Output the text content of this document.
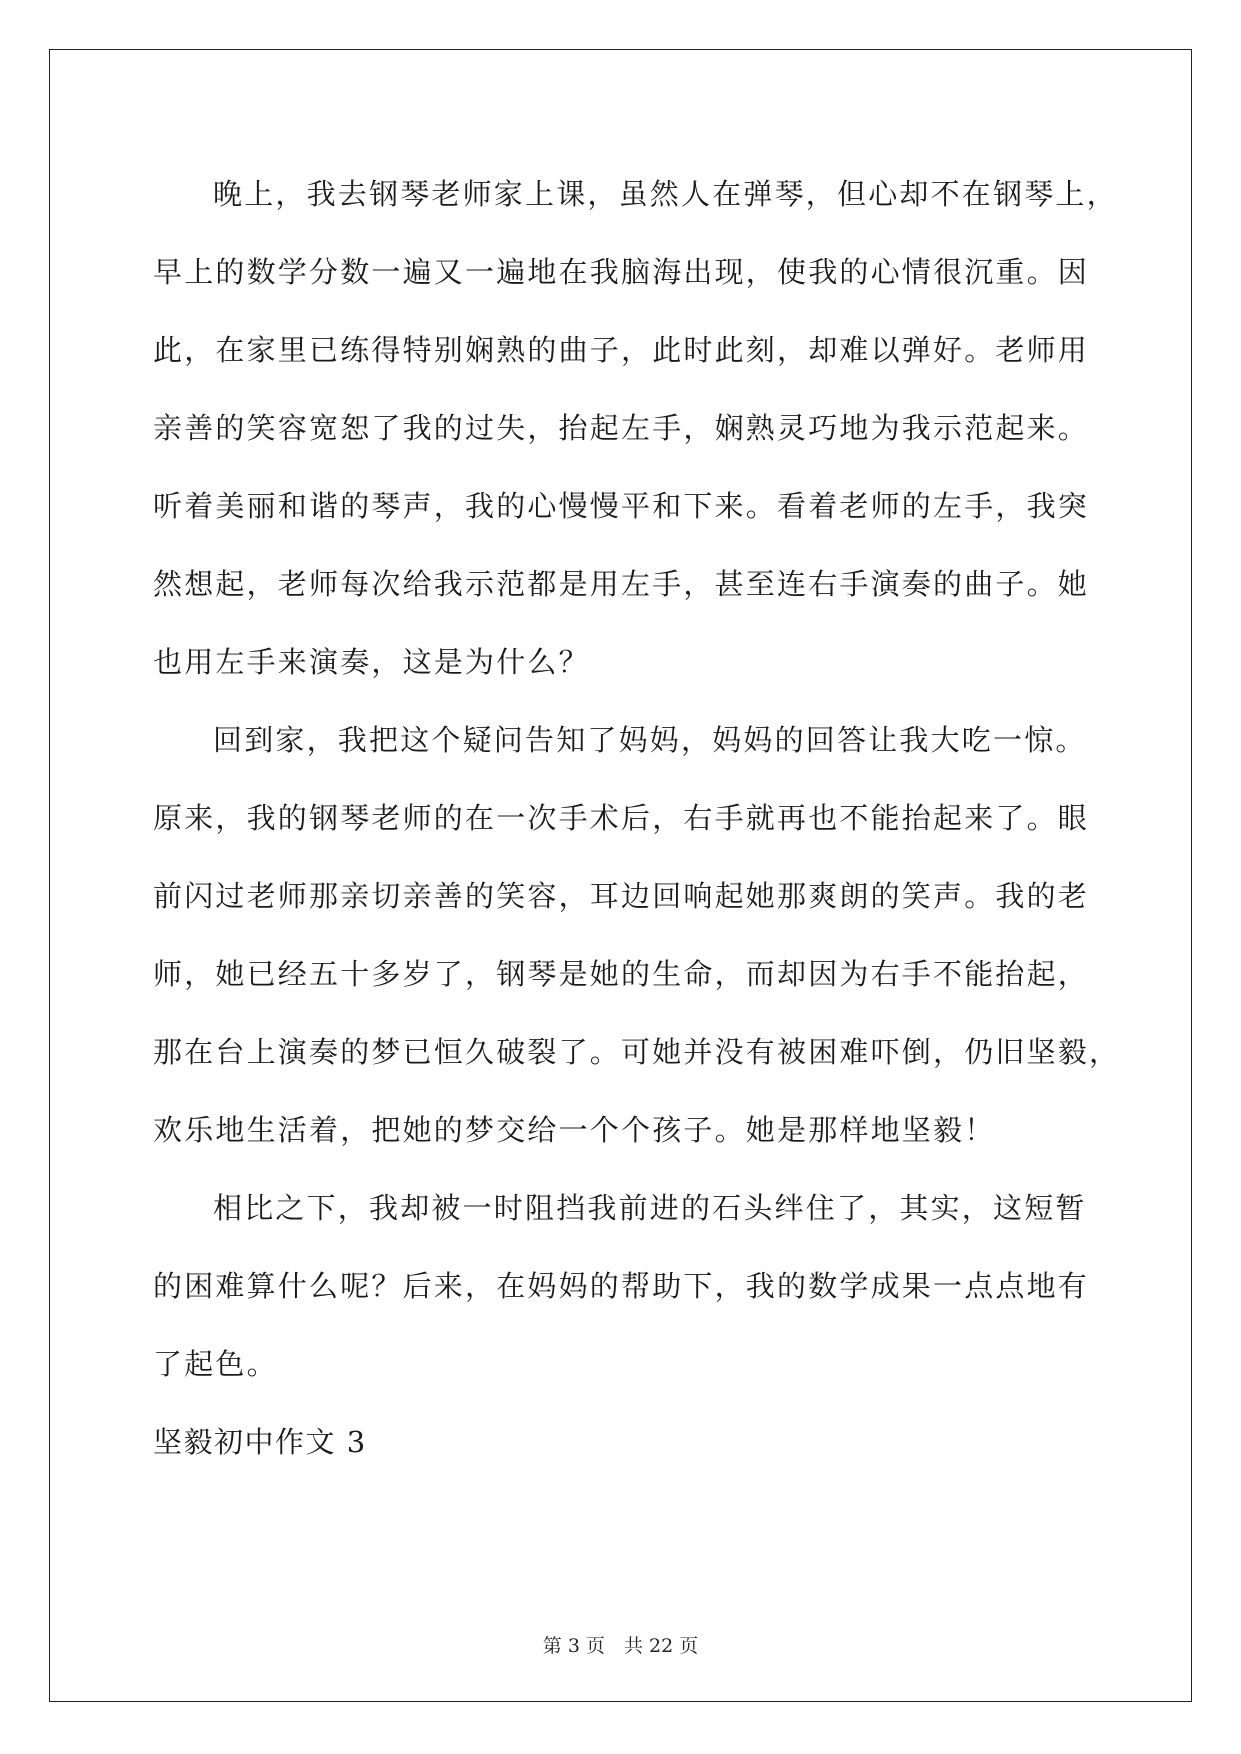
晚上，我去钢琴老师家上课，虽然人在弹琴，但心却不在钢琴上，
早上的数学分数一遍又一遍地在我脑海出现，使我的心情很沉重。因
此，在家里已练得特别娴熟的曲子，此时此刻，却难以弹好。老师用
亲善的笑容宽恕了我的过失，抬起左手，娴熟灵巧地为我示范起来。
听着美丽和谐的琴声，我的心慢慢平和下来。看着老师的左手，我突
然想起，老师每次给我示范都是用左手，甚至连右手演奏的曲子。她
也用左手来演奏，这是为什么？
回到家，我把这个疑问告知了妈妈，妈妈的回答让我大吃一惊。
原来，我的钢琴老师的在一次手术后，右手就再也不能抬起来了。眼
前闪过老师那亲切亲善的笑容，耳边回响起她那爽朗的笑声。我的老
师，她已经五十多岁了，钢琴是她的生命，而却因为右手不能抬起，
那在台上演奏的梦已恒久破裂了。可她并没有被困难吓倒，仍旧坚毅，
欢乐地生活着，把她的梦交给一个个孩子。她是那样地坚毅！
相比之下，我却被一时阻挡我前进的石头绊住了，其实，这短暂
的困难算什么呢？后来，在妈妈的帮助下，我的数学成果一点点地有
了起色。
坚毅初中作文 3
第 3 页　共 22 页
